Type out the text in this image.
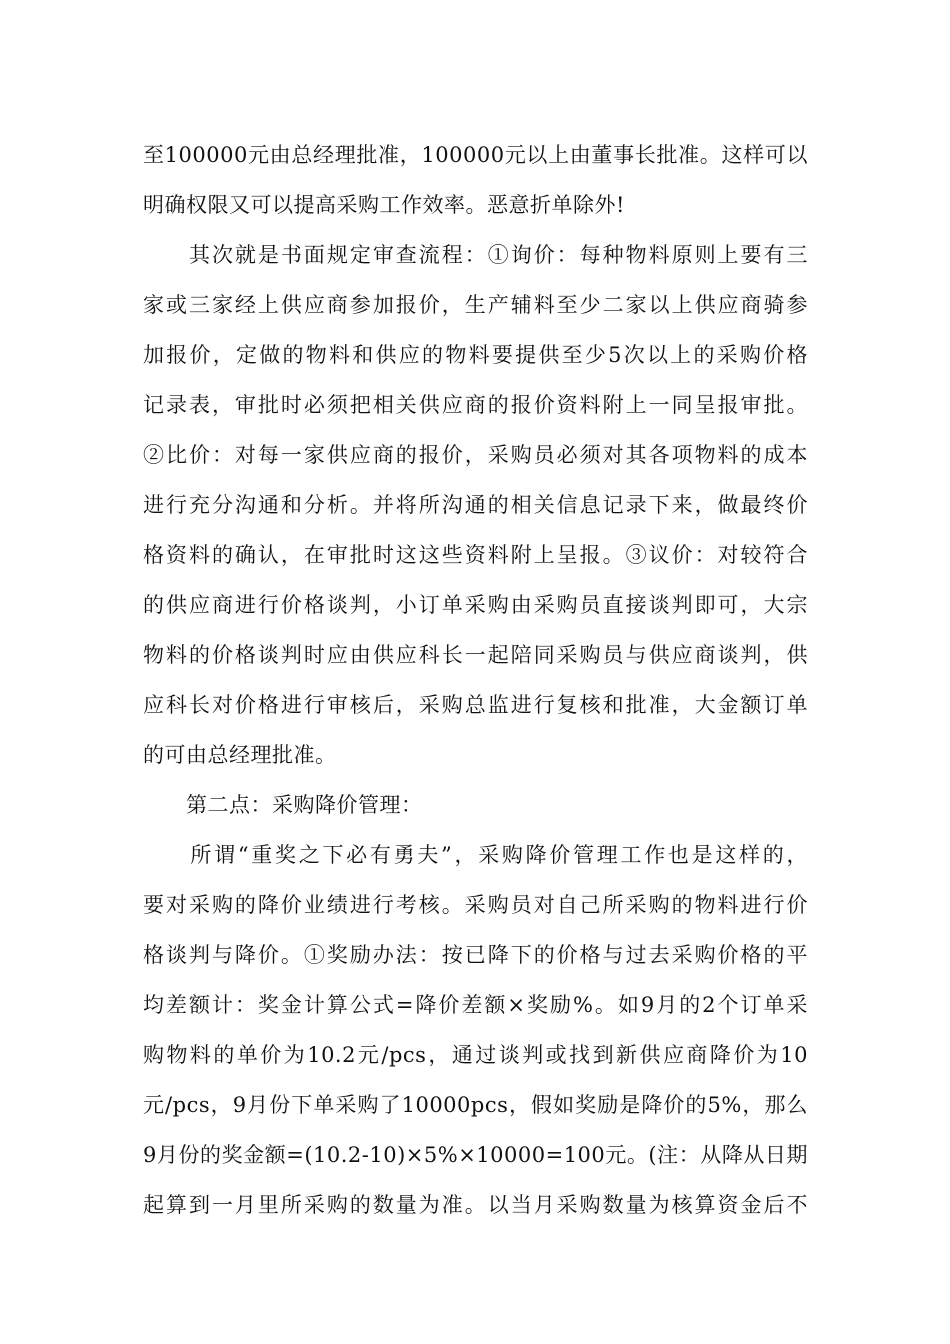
至100000元由总经理批准，100000元以上由董事长批准。这样可以
明确权限又可以提高采购工作效率。恶意折单除外!
　　其次就是书面规定审查流程：①询价：每种物料原则上要有三
家或三家经上供应商参加报价，生产辅料至少二家以上供应商骑参
加报价，定做的物料和供应的物料要提供至少5次以上的采购价格
记录表，审批时必须把相关供应商的报价资料附上一同呈报审批。
②比价：对每一家供应商的报价，采购员必须对其各项物料的成本
进行充分沟通和分析。并将所沟通的相关信息记录下来，做最终价
格资料的确认，在审批时这这些资料附上呈报。③议价：对较符合
的供应商进行价格谈判，小订单采购由采购员直接谈判即可，大宗
物料的价格谈判时应由供应科长一起陪同采购员与供应商谈判，供
应科长对价格进行审核后，采购总监进行复核和批准，大金额订单
的可由总经理批准。
　　第二点：采购降价管理：
　　所谓“重奖之下必有勇夫”，采购降价管理工作也是这样的，
要对采购的降价业绩进行考核。采购员对自己所采购的物料进行价
格谈判与降价。①奖励办法：按已降下的价格与过去采购价格的平
均差额计：奖金计算公式=降价差额×奖励%。如9月的2个订单采
购物料的单价为10.2元/pcs，通过谈判或找到新供应商降价为10
元/pcs，9月份下单采购了10000pcs，假如奖励是降价的5%，那么
9月份的奖金额=(10.2-10)×5%×10000=100元。(注：从降从日期
起算到一月里所采购的数量为准。以当月采购数量为核算资金后不
